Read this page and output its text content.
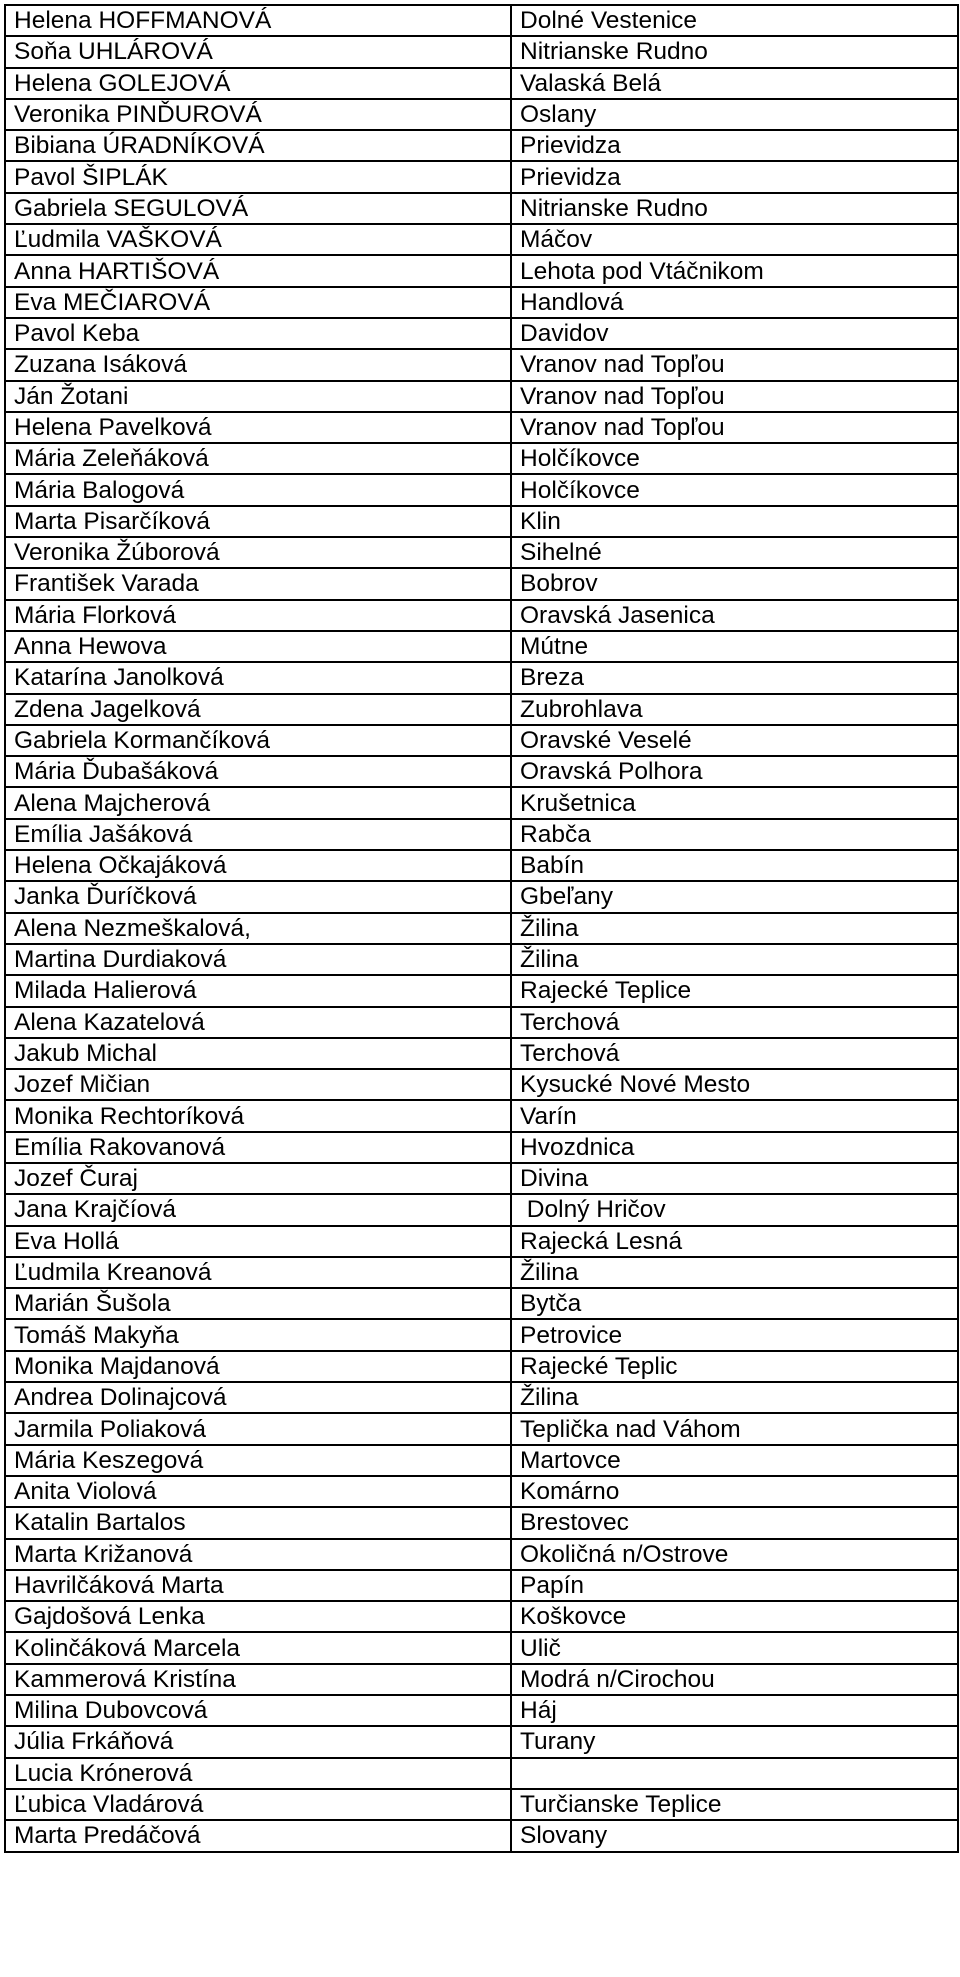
Helena HOFFMANOVÁ	Dolné Vestenice
Soňa UHLÁROVÁ	Nitrianske Rudno
Helena GOLEJOVÁ	Valaská Belá
Veronika PINĎUROVÁ	Oslany
Bibiana ÚRADNÍKOVÁ	Prievidza
Pavol ŠIPLÁK	Prievidza
Gabriela SEGULOVÁ	Nitrianske Rudno
Ľudmila VAŠKOVÁ	Máčov
Anna HARTIŠOVÁ	Lehota pod Vtáčnikom
Eva MEČIAROVÁ	Handlová
Pavol Keba	Davidov
Zuzana Isáková	Vranov nad Topľou
Ján Žotani	Vranov nad Topľou
Helena Pavelková	Vranov nad Topľou
Mária Zeleňáková	Holčíkovce
Mária Balogová	Holčíkovce
Marta Pisarčíková	Klin
Veronika Žúborová	Sihelné
František Varada	Bobrov
Mária Florková	Oravská Jasenica
Anna Hewova	Mútne
Katarína Janolková	Breza
Zdena Jagelková	Zubrohlava
Gabriela Kormančíková	Oravské Veselé
Mária Ďubašáková	Oravská Polhora
Alena Majcherová	Krušetnica
Emília Jašáková	Rabča
Helena Očkajáková	Babín
Janka Ďuríčková	Gbeľany
Alena Nezmeškalová,	Žilina
Martina Durdiaková	Žilina
Milada Halierová	Rajecké Teplice
Alena Kazatelová	Terchová
Jakub Michal	Terchová
Jozef Mičian	Kysucké Nové Mesto
Monika Rechtoríková	Varín
Emília Rakovanová	Hvozdnica
Jozef Čuraj	Divina
Jana Krajčíová	Dolný Hričov
Eva Hollá	Rajecká Lesná
Ľudmila Kreanová	Žilina
Marián Šušola	Bytča
Tomáš Makyňa	Petrovice
Monika Majdanová	Rajecké Teplic
Andrea Dolinajcová	Žilina
Jarmila Poliaková	Teplička nad Váhom
Mária Keszegová	Martovce
Anita Violová	Komárno
Katalin Bartalos	Brestovec
Marta Križanová	Okoličná n/Ostrove
Havrilčáková Marta	Papín
Gajdošová Lenka	Koškovce
Kolinčáková Marcela	Ulič
Kammerová Kristína	Modrá n/Cirochou
Milina Dubovcová	Háj
Júlia Frkáňová	Turany
Lucia Krónerová	
Ľubica Vladárová	Turčianske Teplice
Marta Predáčová	Slovany
